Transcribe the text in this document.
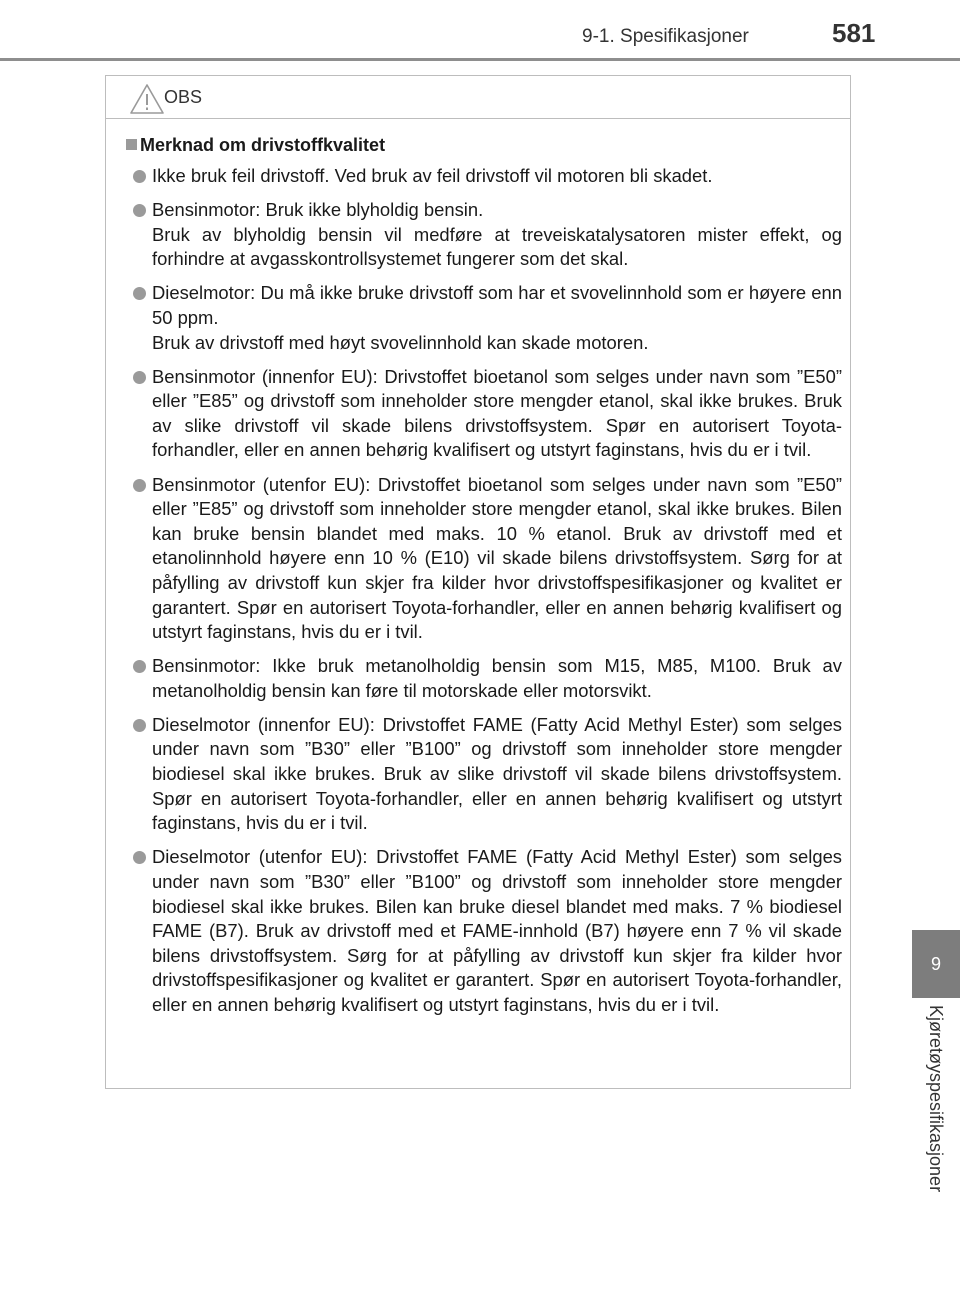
9-1. Spesifikasjoner	581
9
Kjøretøyspesifikasjoner
OBS
Merknad om drivstoffkvalitet

Ikke bruk feil drivstoff. Ved bruk av feil drivstoff vil motoren bli skadet.

Bensinmotor: Bruk ikke blyholdig bensin.

Bruk av blyholdig bensin vil medføre at treveiskatalysatoren mister effekt, og forhindre at avgasskontrollsystemet fungerer som det skal.

Dieselmotor: Du må ikke bruke drivstoff som har et svovelinnhold som er høyere enn 50 ppm.

Bruk av drivstoff med høyt svovelinnhold kan skade motoren.

Bensinmotor (innenfor EU): Drivstoffet bioetanol som selges under navn som ”E50” eller ”E85” og drivstoff som inneholder store mengder etanol, skal ikke brukes. Bruk av slike drivstoff vil skade bilens drivstoffsystem. Spør en autorisert Toyota-forhandler, eller en annen behørig kvalifisert og utstyrt faginstans, hvis du er i tvil.

Bensinmotor (utenfor EU): Drivstoffet bioetanol som selges under navn som ”E50” eller ”E85” og drivstoff som inneholder store mengder etanol, skal ikke brukes. Bilen kan bruke bensin blandet med maks. 10 % etanol. Bruk av drivstoff med et etanolinnhold høyere enn 10 % (E10) vil skade bilens drivstoffsystem. Sørg for at påfylling av drivstoff kun skjer fra kilder hvor drivstoffspesifikasjoner og kvalitet er garantert. Spør en autorisert Toyota-forhandler, eller en annen behørig kvalifisert og utstyrt faginstans, hvis du er i tvil.

Bensinmotor: Ikke bruk metanolholdig bensin som M15, M85, M100. Bruk av metanolholdig bensin kan føre til motorskade eller motorsvikt.

Dieselmotor (innenfor EU): Drivstoffet FAME (Fatty Acid Methyl Ester) som selges under navn som ”B30” eller ”B100” og drivstoff som inneholder store mengder biodiesel skal ikke brukes. Bruk av slike drivstoff vil skade bilens drivstoffsystem. Spør en autorisert Toyota-forhandler, eller en annen behørig kvalifisert og utstyrt faginstans, hvis du er i tvil.

Dieselmotor (utenfor EU): Drivstoffet FAME (Fatty Acid Methyl Ester) som selges under navn som ”B30” eller ”B100” og drivstoff som inneholder store mengder biodiesel skal ikke brukes. Bilen kan bruke diesel blandet med maks. 7 % biodiesel FAME (B7). Bruk av drivstoff med et FAME-innhold (B7) høyere enn 7 % vil skade bilens drivstoffsystem. Sørg for at påfylling av drivstoff kun skjer fra kilder hvor drivstoffspesifikasjoner og kvalitet er garantert. Spør en autorisert Toyota-forhandler, eller en annen behørig kvalifisert og utstyrt faginstans, hvis du er i tvil.
